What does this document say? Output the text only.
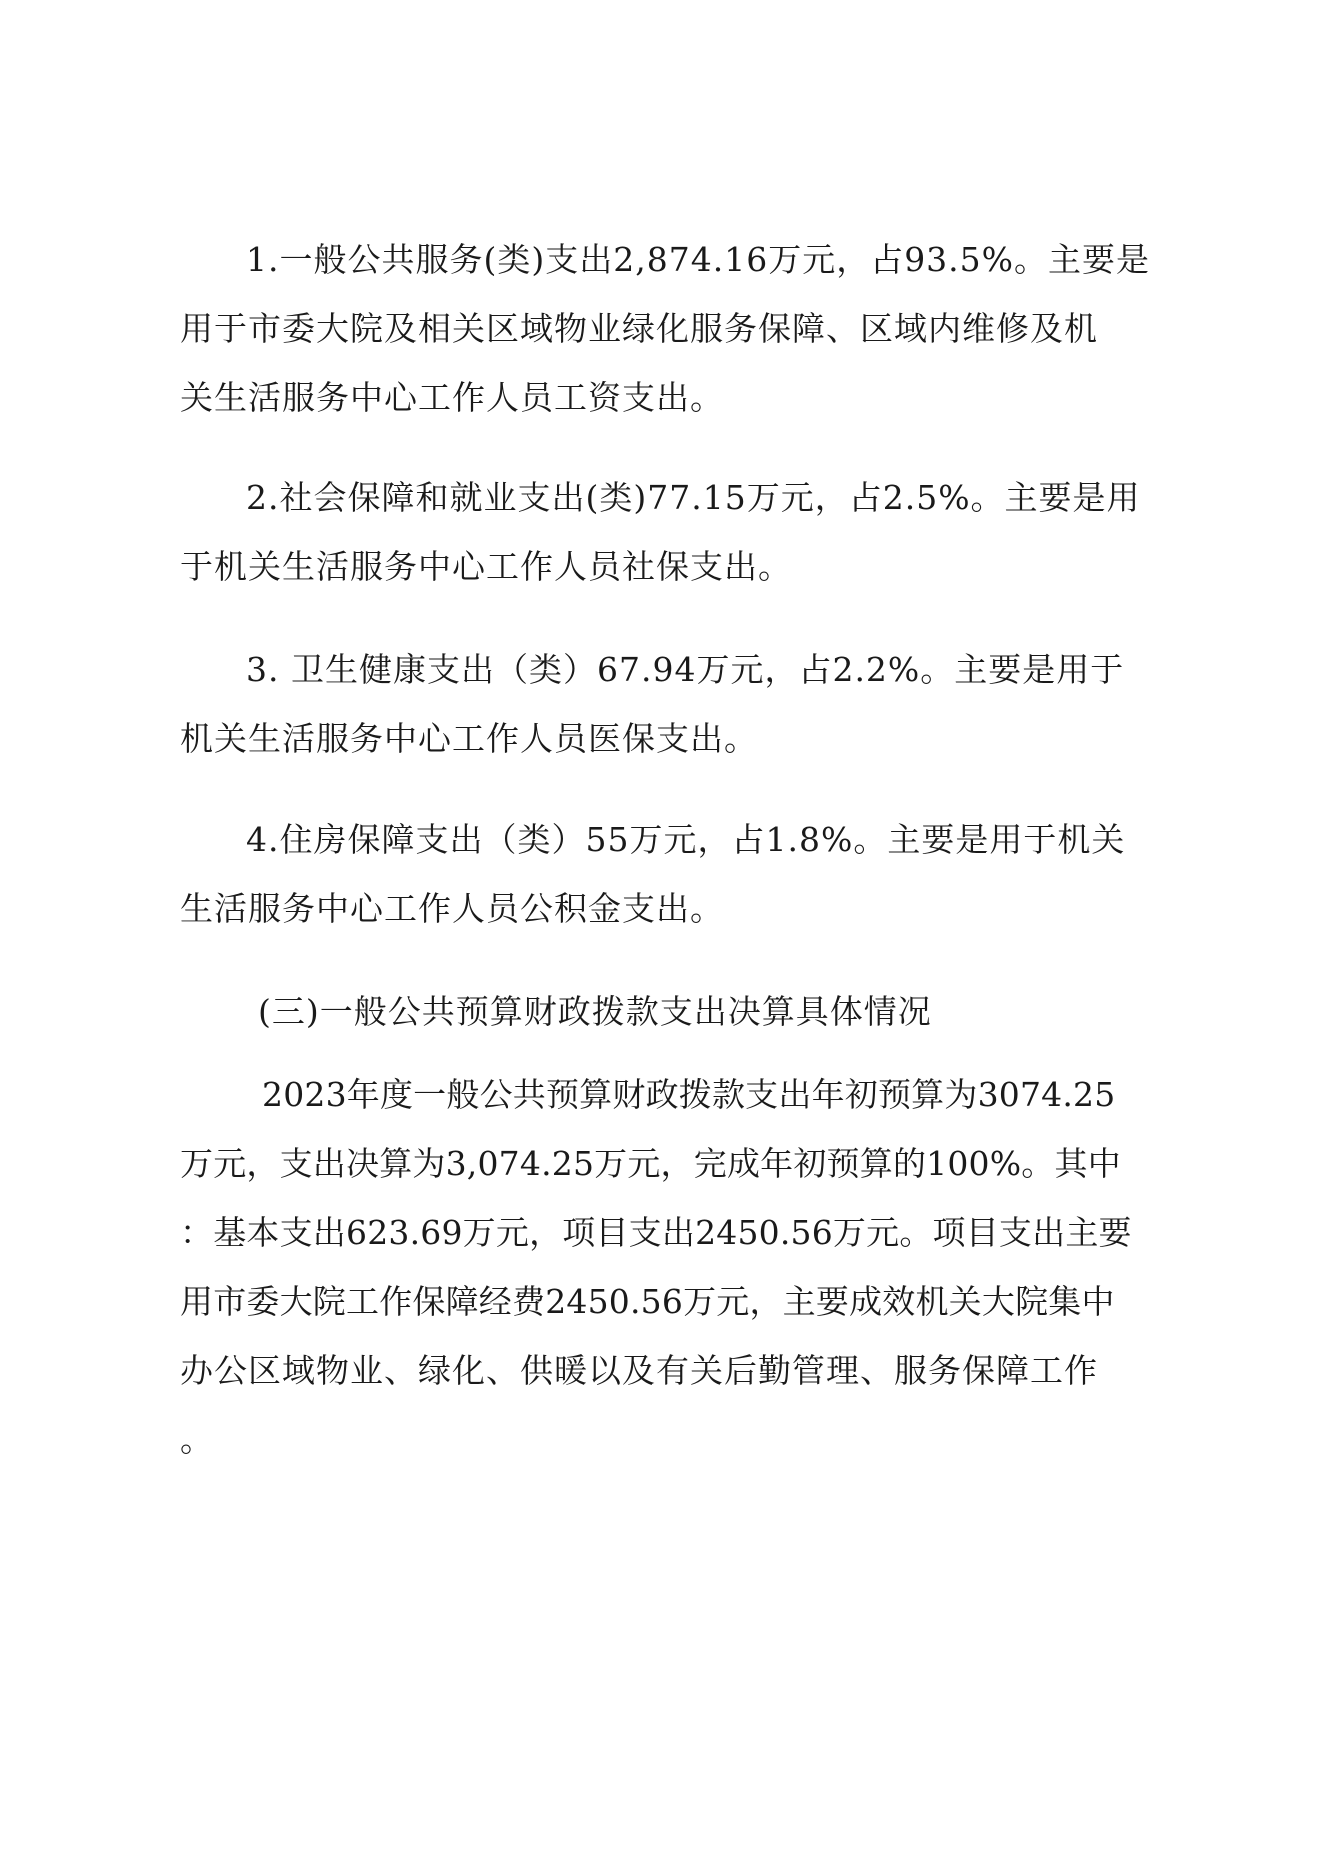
1.一般公共服务(类)支出2,874.16万元，占93.5%。主要是
用于市委大院及相关区域物业绿化服务保障、区域内维修及机
关生活服务中心工作人员工资支出。
2.社会保障和就业支出(类)77.15万元，占2.5%。主要是用
于机关生活服务中心工作人员社保支出。
3. 卫生健康支出（类）67.94万元，占2.2%。主要是用于
机关生活服务中心工作人员医保支出。
4.住房保障支出（类）55万元，占1.8%。主要是用于机关
生活服务中心工作人员公积金支出。
(三)一般公共预算财政拨款支出决算具体情况
2023年度一般公共预算财政拨款支出年初预算为3074.25
万元，支出决算为3,074.25万元，完成年初预算的100%。其中
：基本支出623.69万元，项目支出2450.56万元。项目支出主要
用市委大院工作保障经费2450.56万元，主要成效机关大院集中
办公区域物业、绿化、供暖以及有关后勤管理、服务保障工作
。
